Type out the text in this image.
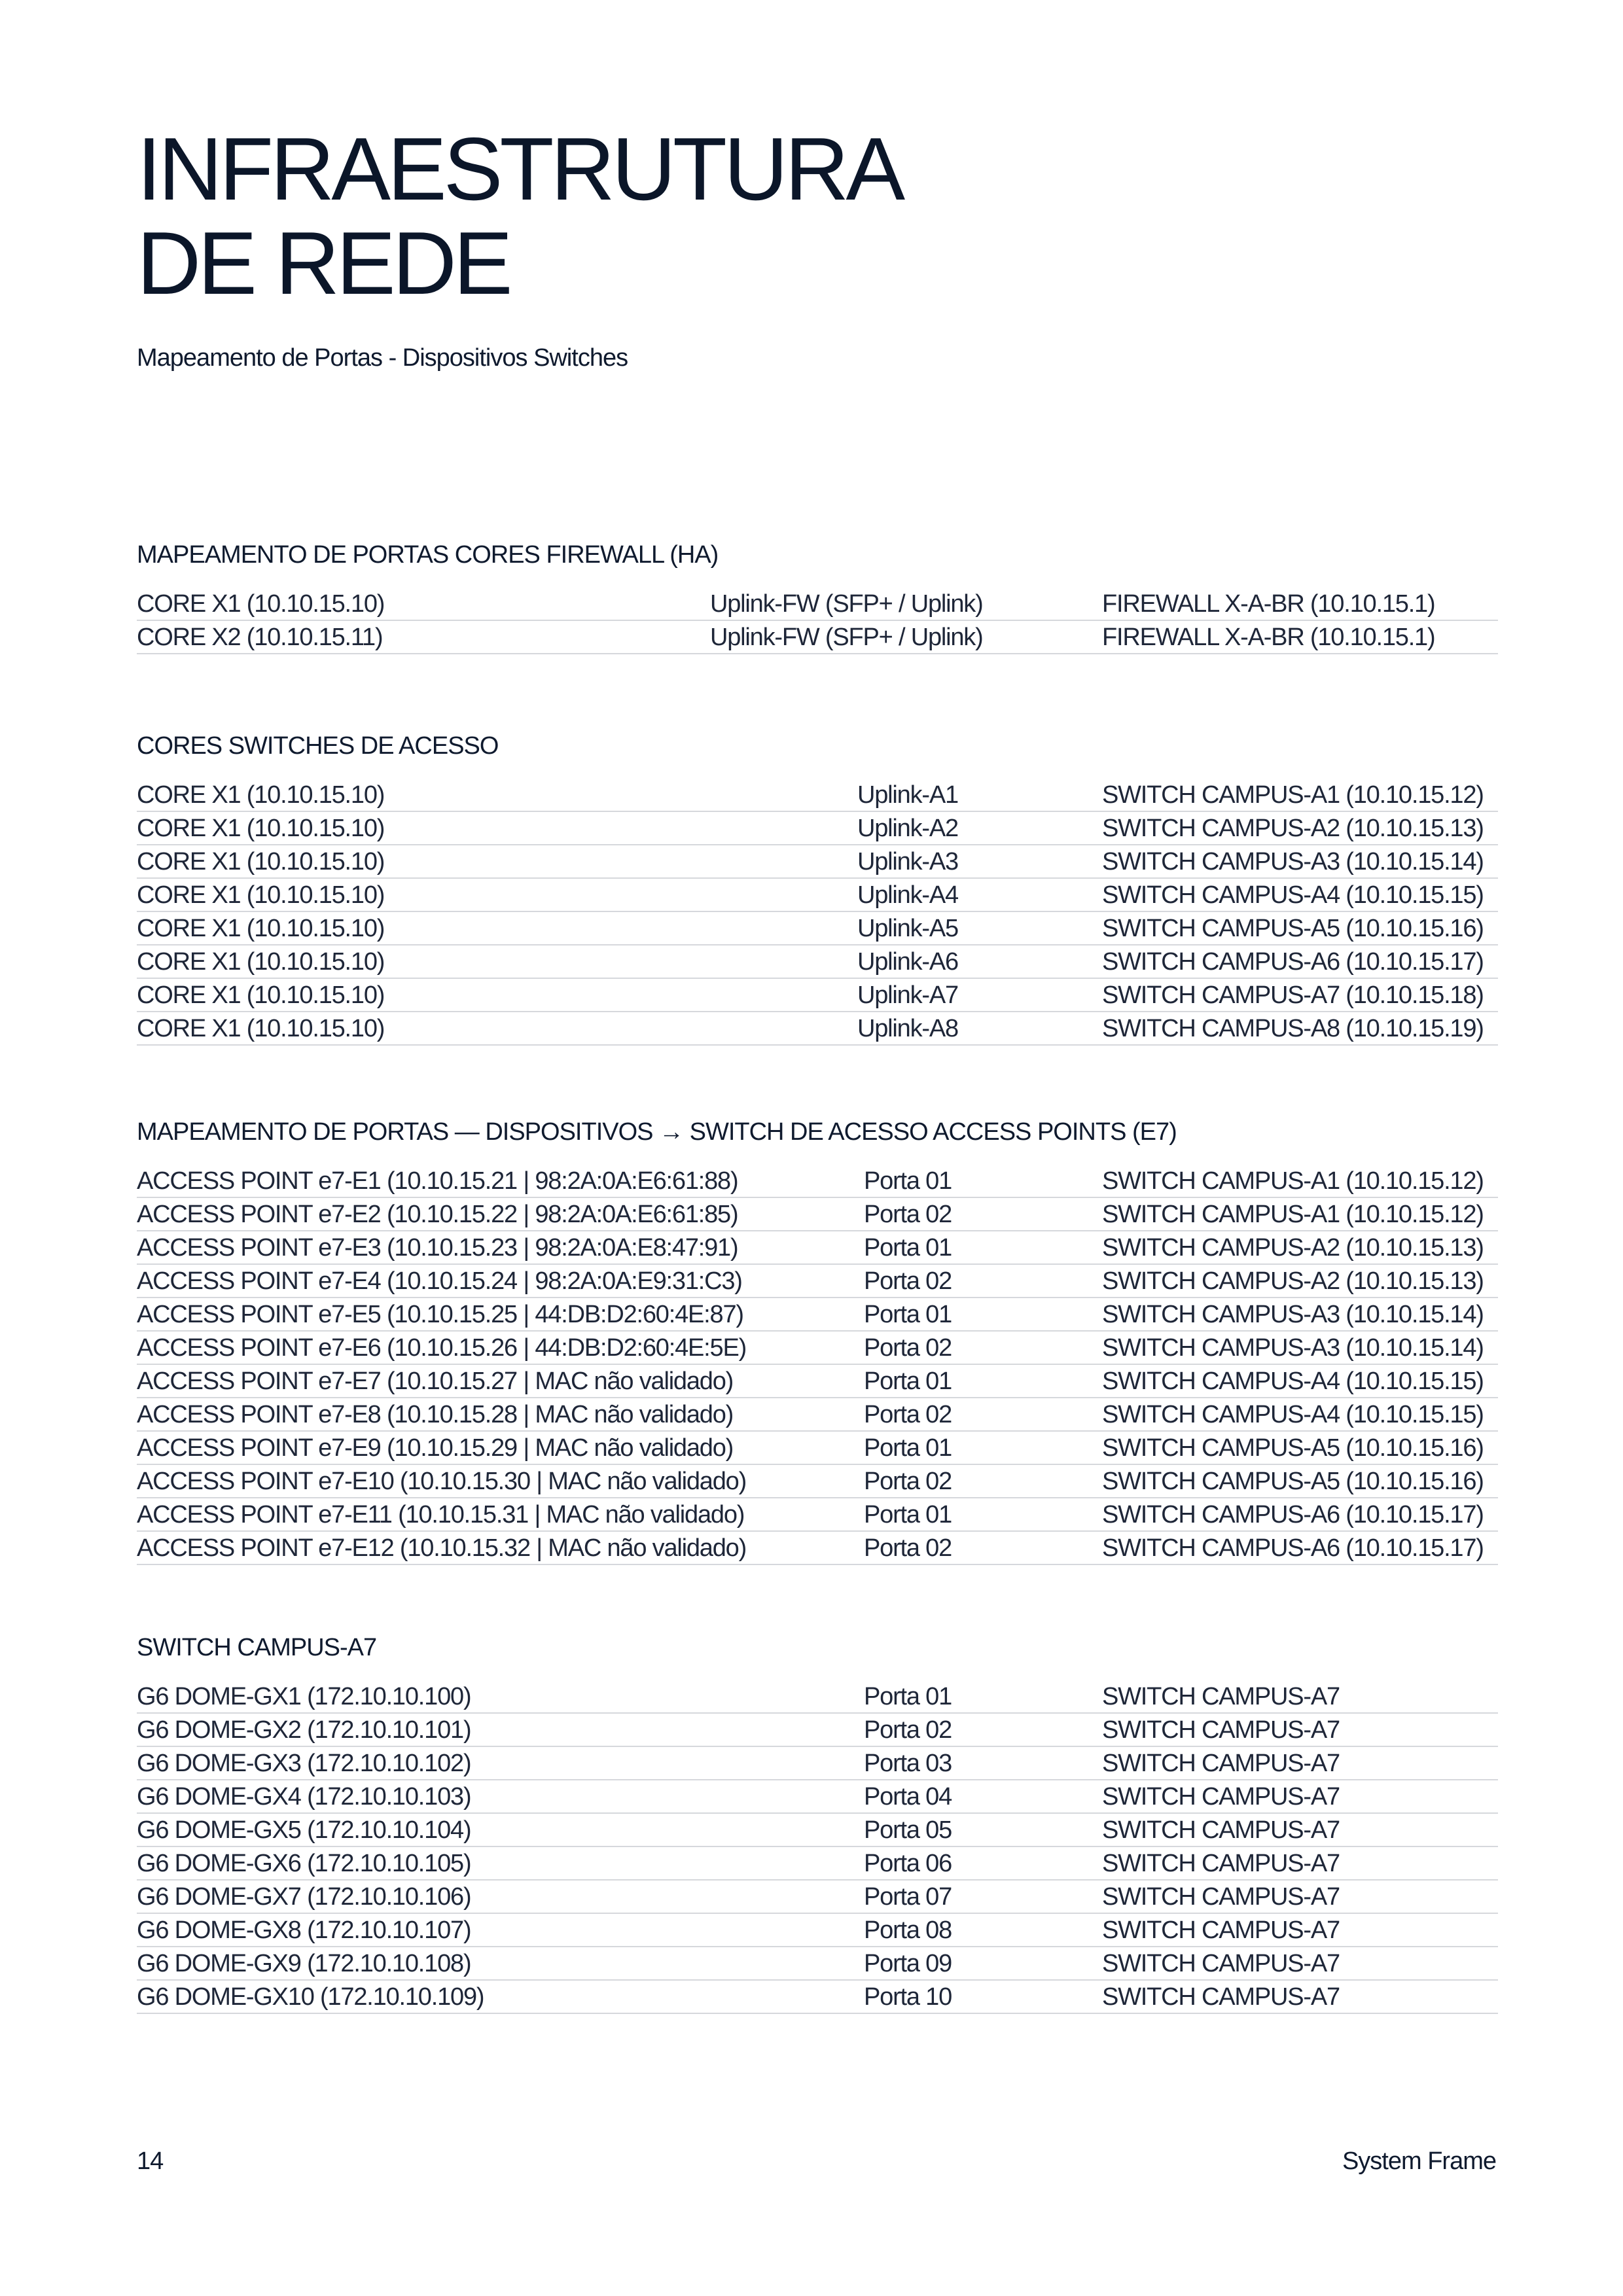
INFRAESTRUTURA
DE REDE
Mapeamento de Portas - Dispositivos Switches
MAPEAMENTO DE PORTAS CORES FIREWALL (HA)
CORE X1 (10.10.15.10)	Uplink-FW (SFP+ / Uplink)	FIREWALL X-A-BR (10.10.15.1)
CORE X2 (10.10.15.11)	Uplink-FW (SFP+ / Uplink)	FIREWALL X-A-BR (10.10.15.1)
CORES SWITCHES DE ACESSO
CORE X1 (10.10.15.10)	Uplink-A1	SWITCH CAMPUS-A1 (10.10.15.12)
CORE X1 (10.10.15.10)	Uplink-A2	SWITCH CAMPUS-A2 (10.10.15.13)
CORE X1 (10.10.15.10)	Uplink-A3	SWITCH CAMPUS-A3 (10.10.15.14)
CORE X1 (10.10.15.10)	Uplink-A4	SWITCH CAMPUS-A4 (10.10.15.15)
CORE X1 (10.10.15.10)	Uplink-A5	SWITCH CAMPUS-A5 (10.10.15.16)
CORE X1 (10.10.15.10)	Uplink-A6	SWITCH CAMPUS-A6 (10.10.15.17)
CORE X1 (10.10.15.10)	Uplink-A7	SWITCH CAMPUS-A7 (10.10.15.18)
CORE X1 (10.10.15.10)	Uplink-A8	SWITCH CAMPUS-A8 (10.10.15.19)
MAPEAMENTO DE PORTAS — DISPOSITIVOS → SWITCH DE ACESSO ACCESS POINTS (E7)
ACCESS POINT e7-E1 (10.10.15.21 | 98:2A:0A:E6:61:88)	Porta 01	SWITCH CAMPUS-A1 (10.10.15.12)
ACCESS POINT e7-E2 (10.10.15.22 | 98:2A:0A:E6:61:85)	Porta 02	SWITCH CAMPUS-A1 (10.10.15.12)
ACCESS POINT e7-E3 (10.10.15.23 | 98:2A:0A:E8:47:91)	Porta 01	SWITCH CAMPUS-A2 (10.10.15.13)
ACCESS POINT e7-E4 (10.10.15.24 | 98:2A:0A:E9:31:C3)	Porta 02	SWITCH CAMPUS-A2 (10.10.15.13)
ACCESS POINT e7-E5 (10.10.15.25 | 44:DB:D2:60:4E:87)	Porta 01	SWITCH CAMPUS-A3 (10.10.15.14)
ACCESS POINT e7-E6 (10.10.15.26 | 44:DB:D2:60:4E:5E)	Porta 02	SWITCH CAMPUS-A3 (10.10.15.14)
ACCESS POINT e7-E7 (10.10.15.27 | MAC não validado)	Porta 01	SWITCH CAMPUS-A4 (10.10.15.15)
ACCESS POINT e7-E8 (10.10.15.28 | MAC não validado)	Porta 02	SWITCH CAMPUS-A4 (10.10.15.15)
ACCESS POINT e7-E9 (10.10.15.29 | MAC não validado)	Porta 01	SWITCH CAMPUS-A5 (10.10.15.16)
ACCESS POINT e7-E10 (10.10.15.30 | MAC não validado)	Porta 02	SWITCH CAMPUS-A5 (10.10.15.16)
ACCESS POINT e7-E11 (10.10.15.31 | MAC não validado)	Porta 01	SWITCH CAMPUS-A6 (10.10.15.17)
ACCESS POINT e7-E12 (10.10.15.32 | MAC não validado)	Porta 02	SWITCH CAMPUS-A6 (10.10.15.17)
SWITCH CAMPUS-A7
G6 DOME-GX1 (172.10.10.100)	Porta 01	SWITCH CAMPUS-A7
G6 DOME-GX2 (172.10.10.101)	Porta 02	SWITCH CAMPUS-A7
G6 DOME-GX3 (172.10.10.102)	Porta 03	SWITCH CAMPUS-A7
G6 DOME-GX4 (172.10.10.103)	Porta 04	SWITCH CAMPUS-A7
G6 DOME-GX5 (172.10.10.104)	Porta 05	SWITCH CAMPUS-A7
G6 DOME-GX6 (172.10.10.105)	Porta 06	SWITCH CAMPUS-A7
G6 DOME-GX7 (172.10.10.106)	Porta 07	SWITCH CAMPUS-A7
G6 DOME-GX8 (172.10.10.107)	Porta 08	SWITCH CAMPUS-A7
G6 DOME-GX9 (172.10.10.108)	Porta 09	SWITCH CAMPUS-A7
G6 DOME-GX10 (172.10.10.109)	Porta 10	SWITCH CAMPUS-A7
14	System Frame
